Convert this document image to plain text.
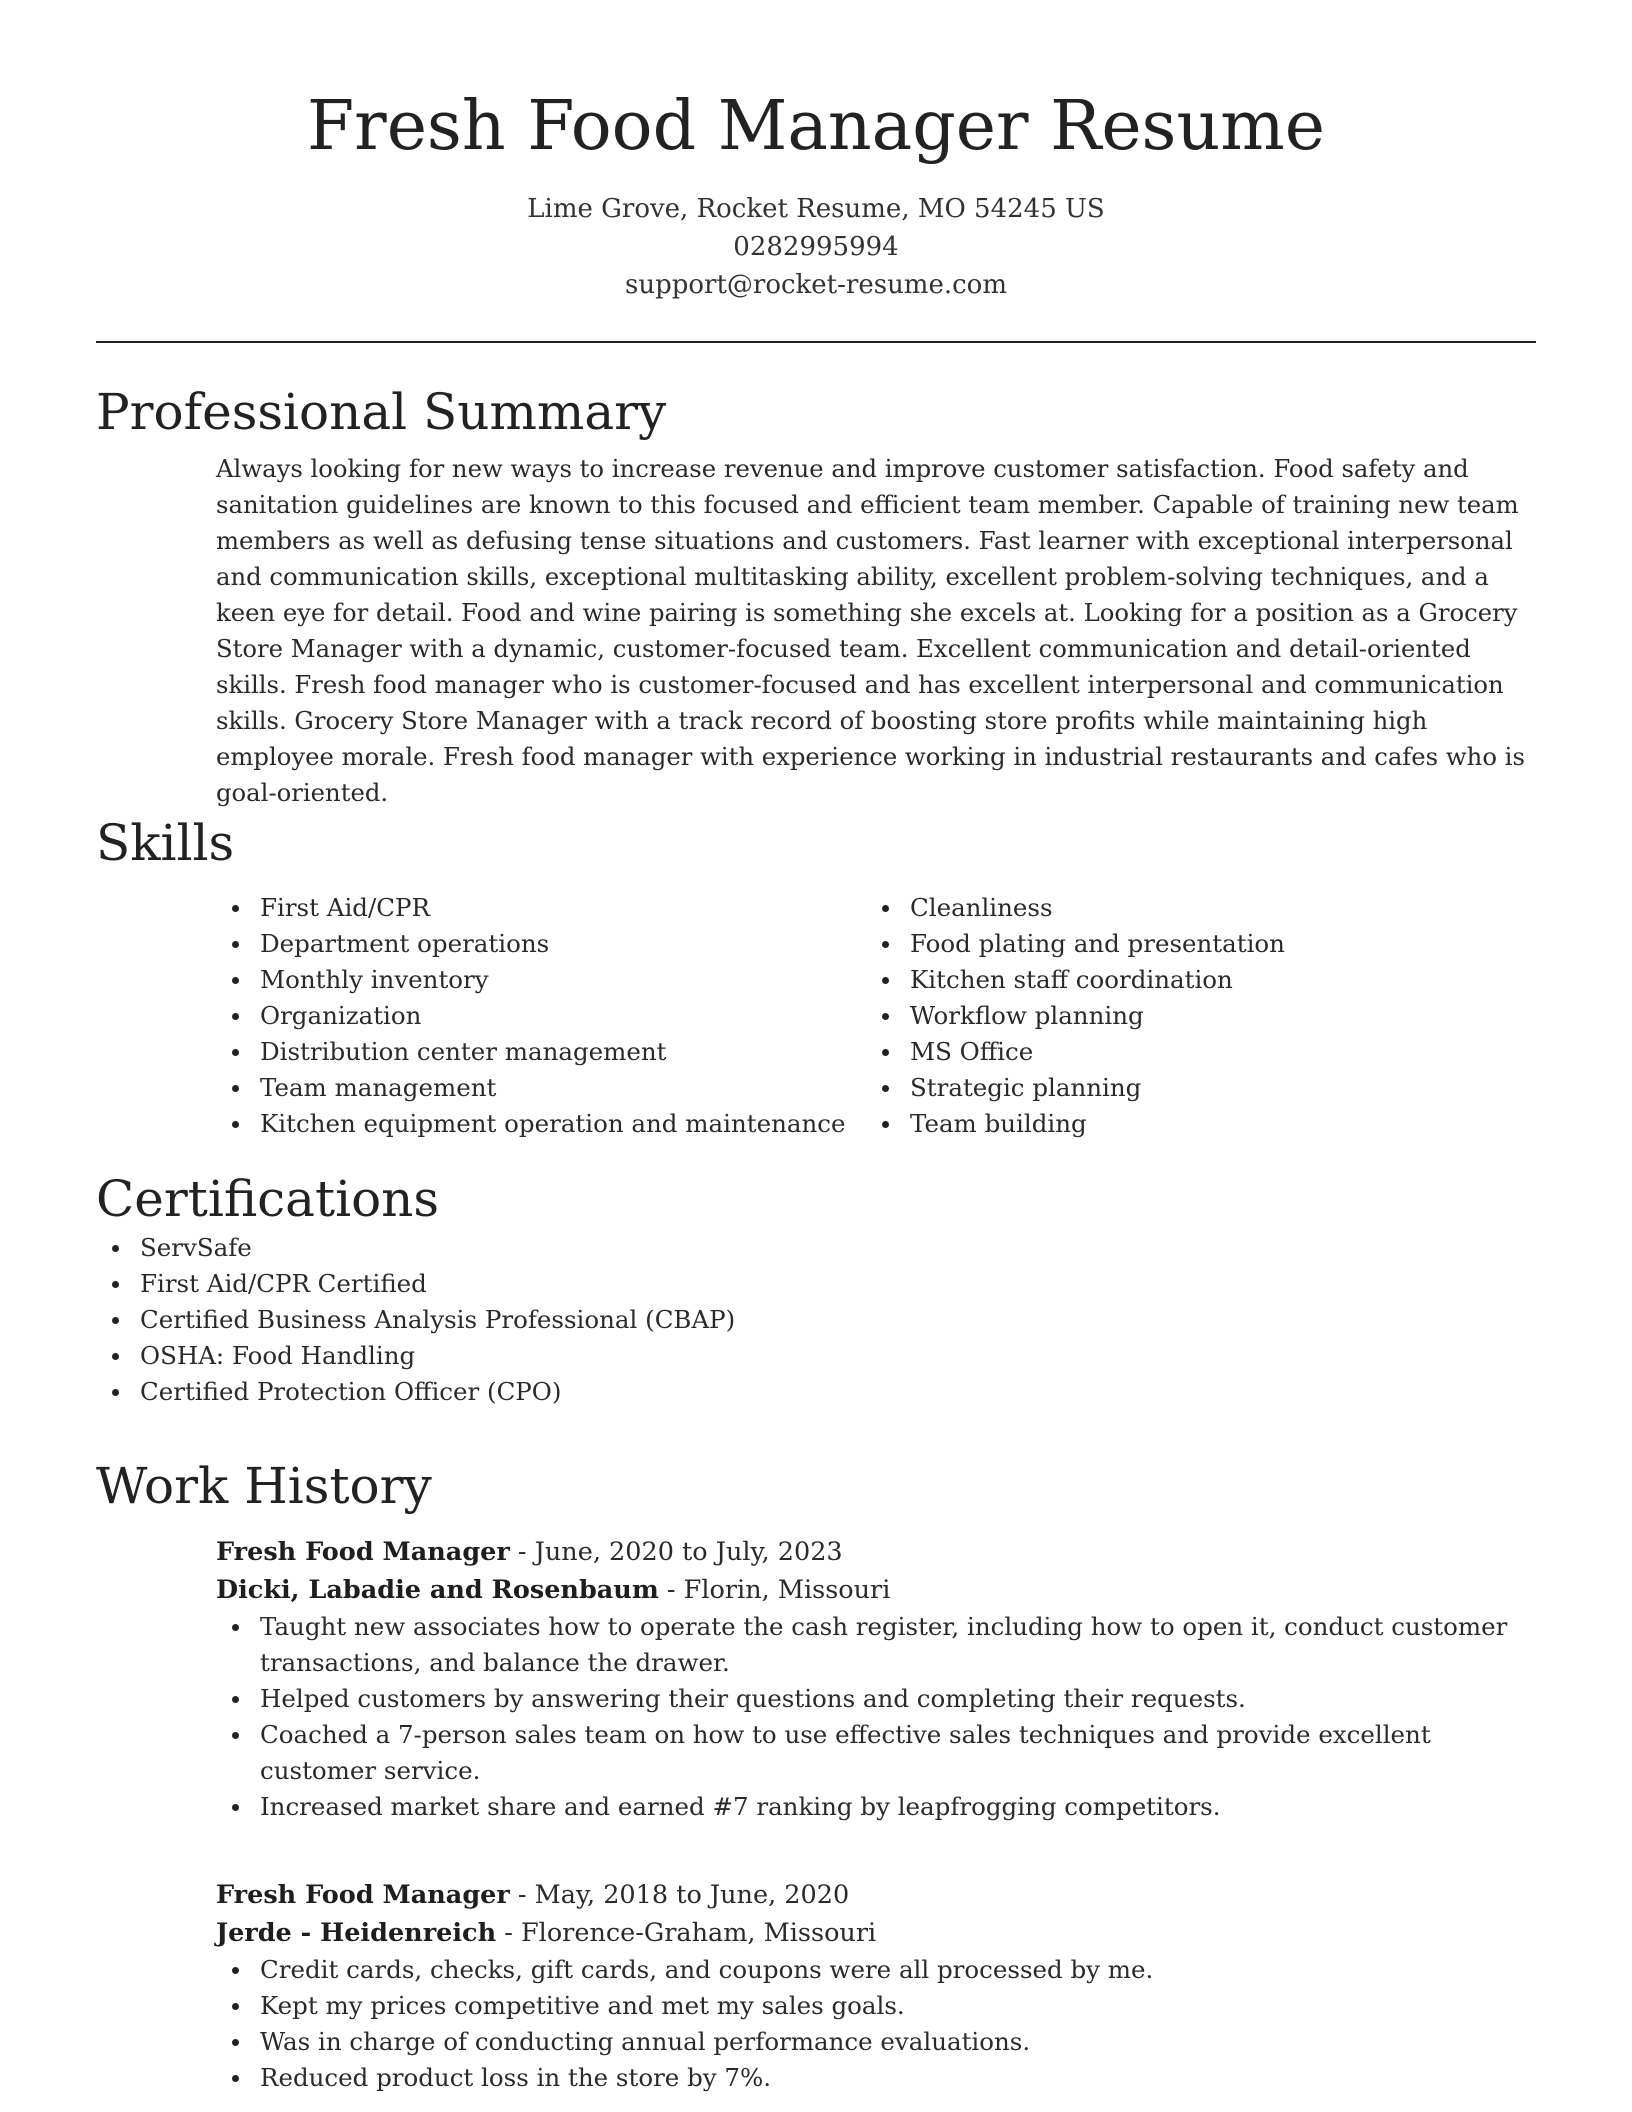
Fresh Food Manager Resume
Lime Grove, Rocket Resume, MO 54245 US
0282995994
support@rocket-resume.com
Professional Summary

Always looking for new ways to increase revenue and improve customer satisfaction. Food safety and sanitation guidelines are known to this focused and efficient team member. Capable of training new team members as well as defusing tense situations and customers. Fast learner with exceptional interpersonal and communication skills, exceptional multitasking ability, excellent problem-solving techniques, and a keen eye for detail. Food and wine pairing is something she excels at. Looking for a position as a Grocery Store Manager with a dynamic, customer-focused team. Excellent communication and detail-oriented skills. Fresh food manager who is customer-focused and has excellent interpersonal and communication skills. Grocery Store Manager with a track record of boosting store profits while maintaining high employee morale. Fresh food manager with experience working in industrial restaurants and cafes who is goal-oriented.

Skills
First Aid/CPR
Department operations
Monthly inventory
Organization
Distribution center management
Team management
Kitchen equipment operation and maintenance
Cleanliness
Food plating and presentation
Kitchen staff coordination
Workflow planning
MS Office
Strategic planning
Team building
Certifications
ServSafe
First Aid/CPR Certified
Certified Business Analysis Professional (CBAP)
OSHA: Food Handling
Certified Protection Officer (CPO)
Work History
Fresh Food Manager - June, 2020 to July, 2023
Dicki, Labadie and Rosenbaum - Florin, Missouri
Taught new associates how to operate the cash register, including how to open it, conduct customer transactions, and balance the drawer.
Helped customers by answering their questions and completing their requests.
Coached a 7-person sales team on how to use effective sales techniques and provide excellent customer service.
Increased market share and earned #7 ranking by leapfrogging competitors.
Fresh Food Manager - May, 2018 to June, 2020
Jerde - Heidenreich - Florence-Graham, Missouri
Credit cards, checks, gift cards, and coupons were all processed by me.
Kept my prices competitive and met my sales goals.
Was in charge of conducting annual performance evaluations.
Reduced product loss in the store by 7%.
